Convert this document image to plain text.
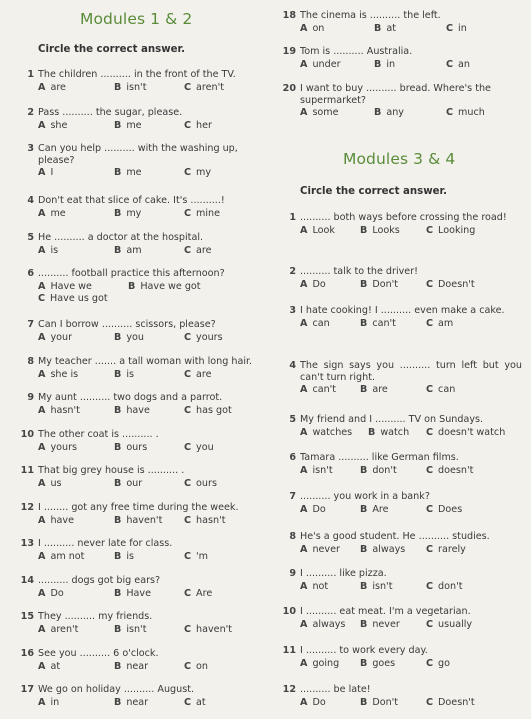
Modules 1 & 2
Circle the correct answer.
1 The children .......... in the front of the TV.
A are	B isn't	C aren't
2 Pass .......... the sugar, please.
A she	B me	C her
3 Can you help .......... with the washing up, please?
A I	B me	C my
4 Don't eat that slice of cake. It's ..........!
A me	B my	C mine
5 He .......... a doctor at the hospital.
A is	B am	C are
6 .......... football practice this afternoon?
A Have we	B Have we got
C Have us got
7 Can I borrow .......... scissors, please?
A your	B you	C yours
8 My teacher ....... a tall woman with long hair.
A she is	B is	C are
9 My aunt .......... two dogs and a parrot.
A hasn't	B have	C has got
10 The other coat is .......... .
A yours	B ours	C you
11 That big grey house is .......... .
A us	B our	C ours
12 I ........ got any free time during the week.
A have	B haven't C hasn't
13 I .......... never late for class.
A am not	B is	C 'm
14 .......... dogs got big ears?
A Do	B Have	C Are
15 They .......... my friends.
A aren't	B isn't	C haven't
16 See you .......... 6 o'clock.
A at	B near	C on
17 We go on holiday .......... August.
A in	B near	C at
18 The cinema is .......... the left.
A on	B at	C in
19 Tom is .......... Australia.
A under	B in	C an
20 I want to buy .......... bread. Where's the supermarket?
A some	B any	C much
Modules 3 & 4
Circle the correct answer.
1 .......... both ways before crossing the road!
A Look	B Looks	C Looking
2 .......... talk to the driver!
A Do	B Don't	C Doesn't
3 I hate cooking! I .......... even make a cake.
A can	B can't	C am
4 The sign says you .......... turn left but you can't turn right.
A can't B are	C can
5 My friend and I .......... TV on Sundays.
A watches B watch C doesn't watch
6 Tamara .......... like German films.
A isn't	B don't	C doesn't
7 .......... you work in a bank?
A Do	B Are	C Does
8 He's a good student. He .......... studies.
A never B always C rarely
9 I .......... like pizza.
A not	B isn't	C don't
10 I .......... eat meat. I'm a vegetarian.
A always B never	C usually
11 I .......... to work every day.
A going B goes	C go
12 .......... be late!
A Do	B Don't	C Doesn't
